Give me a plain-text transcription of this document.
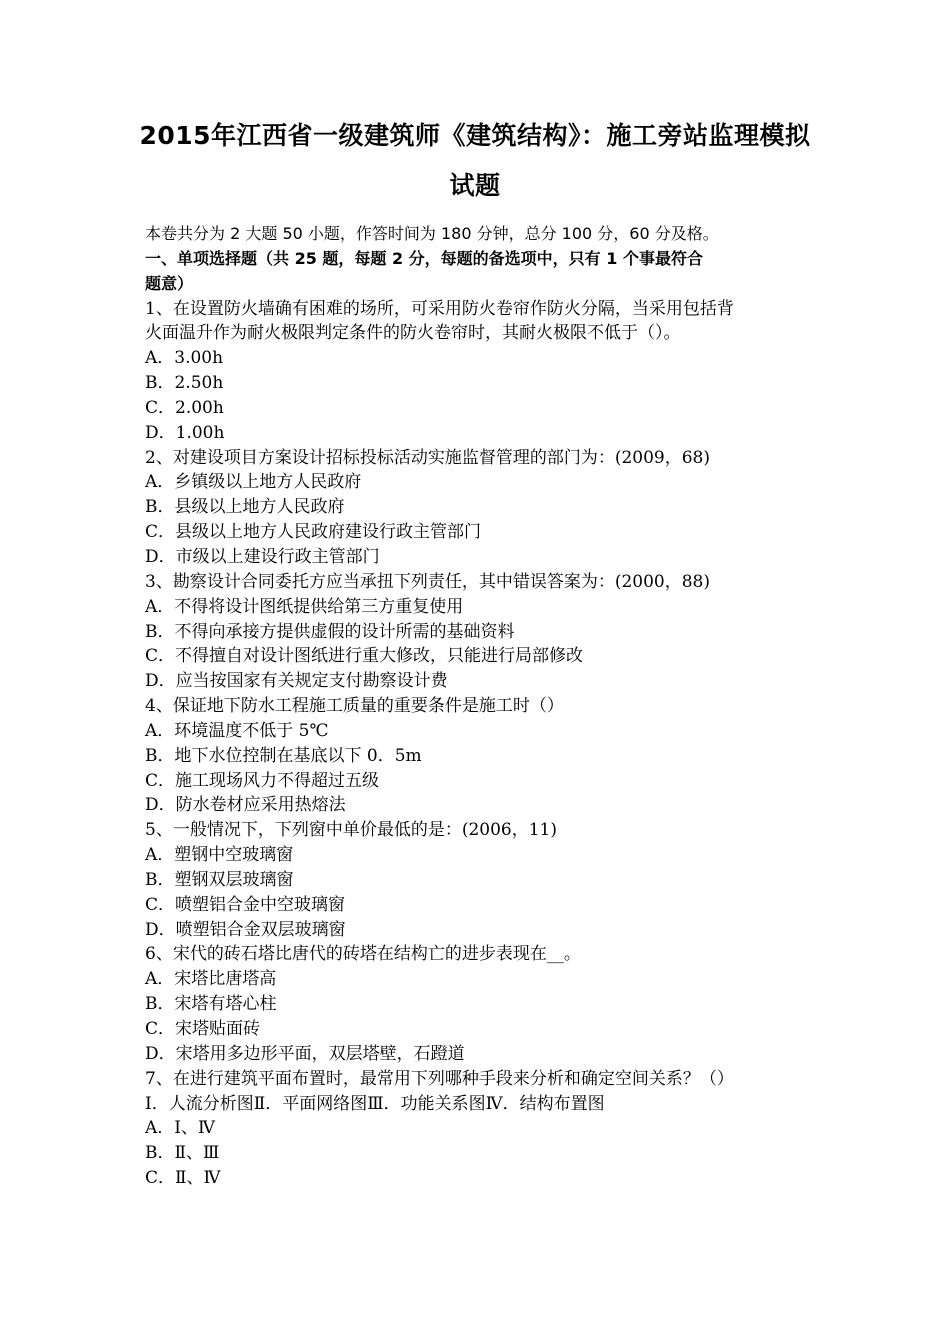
2015年江西省一级建筑师《建筑结构》：施工旁站监理模拟
试题
本卷共分为 2 大题 50 小题，作答时间为 180 分钟，总分 100 分，60 分及格。
一、单项选择题（共 25 题，每题 2 分，每题的备选项中，只有 1 个事最符合
题意）
1、在设置防火墙确有困难的场所，可采用防火卷帘作防火分隔，当采用包括背
火面温升作为耐火极限判定条件的防火卷帘时，其耐火极限不低于（）。
A．3.00h
B．2.50h
C．2.00h
D．1.00h
2、对建设项目方案设计招标投标活动实施监督管理的部门为：(2009，68)
A．乡镇级以上地方人民政府
B．县级以上地方人民政府
C．县级以上地方人民政府建设行政主管部门
D．市级以上建设行政主管部门
3、勘察设计合同委托方应当承扭下列责任，其中错误答案为：(2000，88)
A．不得将设计图纸提供给第三方重复使用
B．不得向承接方提供虚假的设计所需的基础资料
C．不得擅自对设计图纸进行重大修改，只能进行局部修改
D．应当按国家有关规定支付勘察设计费
4、保证地下防水工程施工质量的重要条件是施工时（）
A．环境温度不低于 5℃
B．地下水位控制在基底以下 0．5m
C．施工现场风力不得超过五级
D．防水卷材应采用热熔法
5、一般情况下，下列窗中单价最低的是：(2006，11)
A．塑钢中空玻璃窗
B．塑钢双层玻璃窗
C．喷塑铝合金中空玻璃窗
D．喷塑铝合金双层玻璃窗
6、宋代的砖石塔比唐代的砖塔在结构亡的进步表现在__。
A．宋塔比唐塔高
B．宋塔有塔心柱
C．宋塔贴面砖
D．宋塔用多边形平面，双层塔壁，石蹬道
7、在进行建筑平面布置时，最常用下列哪种手段来分析和确定空间关系？（）
Ⅰ．人流分析图Ⅱ．平面网络图Ⅲ．功能关系图Ⅳ．结构布置图
A．Ⅰ、Ⅳ
B．Ⅱ、Ⅲ
C．Ⅱ、Ⅳ
